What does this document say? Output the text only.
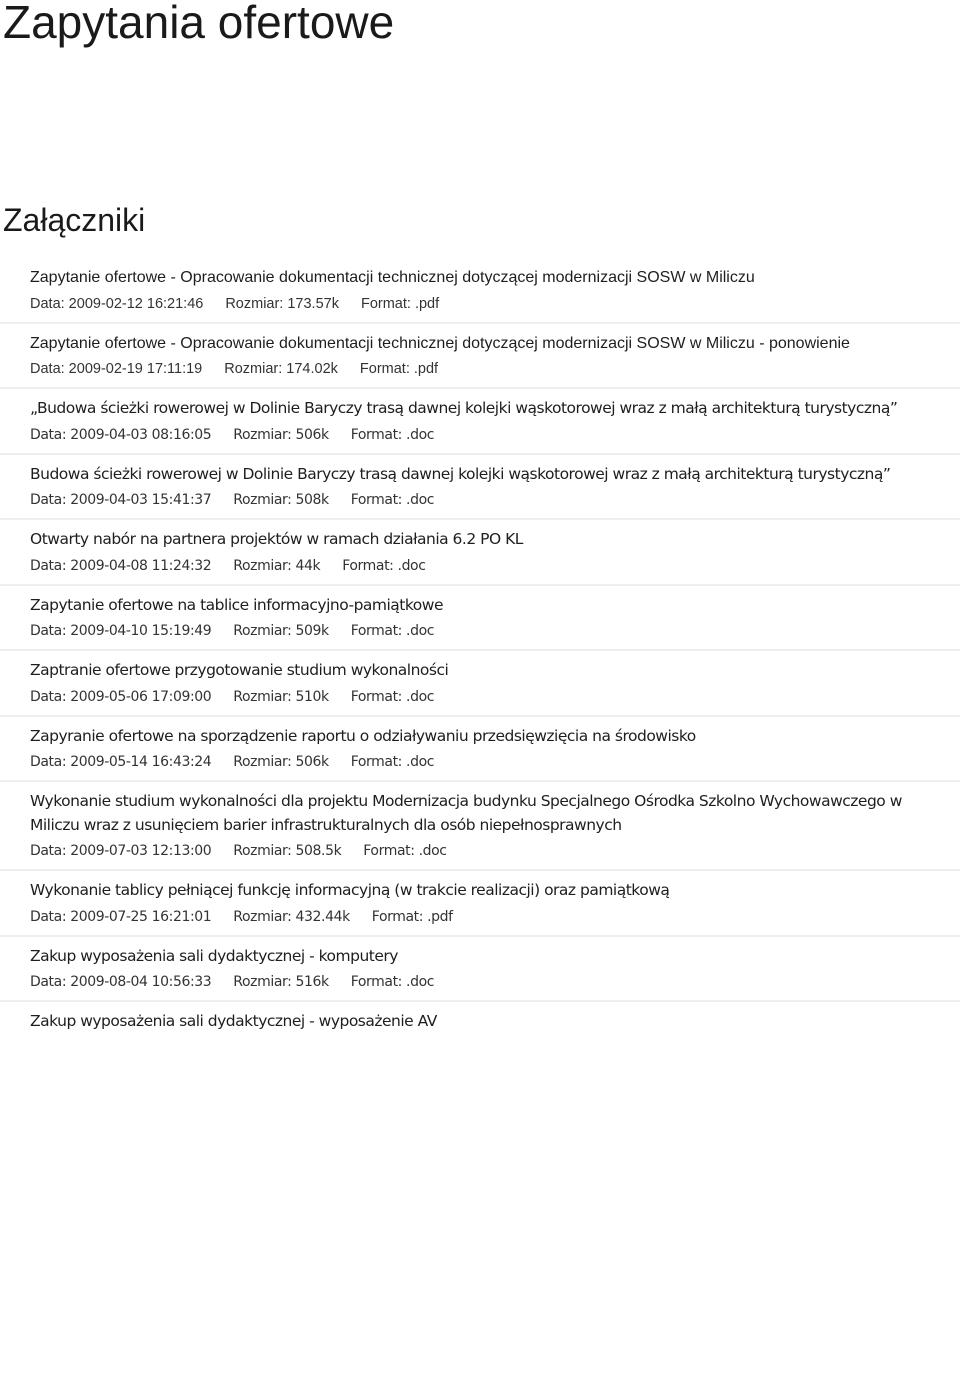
Zapytania ofertowe
Załączniki
Zapytanie ofertowe - Opracowanie dokumentacji technicznej dotyczącej modernizacji SOSW w Miliczu
Data: 2009-02-12 16:21:46 Rozmiar: 173.57k Format: .pdf
Zapytanie ofertowe - Opracowanie dokumentacji technicznej dotyczącej modernizacji SOSW w Miliczu - ponowienie
Data: 2009-02-19 17:11:19 Rozmiar: 174.02k Format: .pdf
„Budowa ścieżki rowerowej w Dolinie Baryczy trasą dawnej kolejki wąskotorowej wraz z małą architekturą turystyczną”
Data: 2009-04-03 08:16:05 Rozmiar: 506k Format: .doc
Budowa ścieżki rowerowej w Dolinie Baryczy trasą dawnej kolejki wąskotorowej wraz z małą architekturą turystyczną”
Data: 2009-04-03 15:41:37 Rozmiar: 508k Format: .doc
Otwarty nabór na partnera projektów w ramach działania 6.2 PO KL
Data: 2009-04-08 11:24:32 Rozmiar: 44k Format: .doc
Zapytanie ofertowe na tablice informacyjno-pamiątkowe
Data: 2009-04-10 15:19:49 Rozmiar: 509k Format: .doc
Zaptranie ofertowe przygotowanie studium wykonalności
Data: 2009-05-06 17:09:00 Rozmiar: 510k Format: .doc
Zapyranie ofertowe na sporządzenie raportu o odziaływaniu przedsięwzięcia na środowisko
Data: 2009-05-14 16:43:24 Rozmiar: 506k Format: .doc
Wykonanie studium wykonalności dla projektu Modernizacja budynku Specjalnego Ośrodka Szkolno Wychowawczego w Miliczu wraz z usunięciem barier infrastrukturalnych dla osób niepełnosprawnych
Data: 2009-07-03 12:13:00 Rozmiar: 508.5k Format: .doc
Wykonanie tablicy pełniącej funkcję informacyjną (w trakcie realizacji) oraz pamiątkową
Data: 2009-07-25 16:21:01 Rozmiar: 432.44k Format: .pdf
Zakup wyposażenia sali dydaktycznej - komputery
Data: 2009-08-04 10:56:33 Rozmiar: 516k Format: .doc
Zakup wyposażenia sali dydaktycznej - wyposażenie AV
